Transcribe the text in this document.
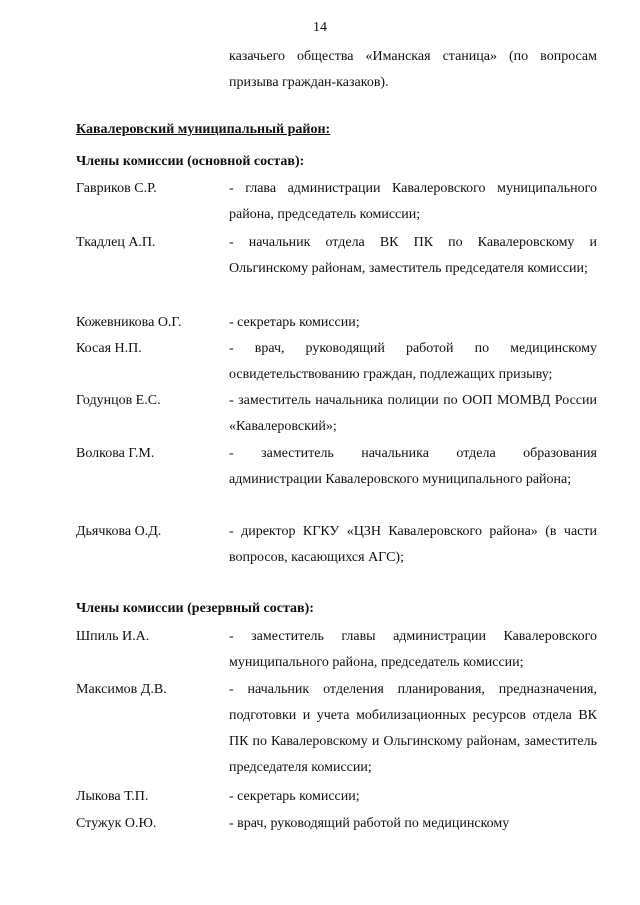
14
казачьего общества «Иманская станица» (по вопросам призыва граждан-казаков).
Кавалеровский муниципальный район:
Члены комиссии (основной состав):
Гавриков С.Р.	- глава администрации Кавалеровского муниципального района, председатель комиссии;
Ткадлец А.П.	- начальник отдела ВК ПК по Кавалеровскому и Ольгинскому районам, заместитель председателя комиссии;
Кожевникова О.Г.	- секретарь комиссии;
Косая Н.П.	- врач, руководящий работой по медицинскому освидетельствованию граждан, подлежащих призыву;
Годунцов Е.С.	- заместитель начальника полиции по ООП МОМВД России «Кавалеровский»;
Волкова Г.М.	- заместитель начальника отдела образования администрации Кавалеровского муниципального района;
Дьячкова О.Д.	- директор КГКУ «ЦЗН Кавалеровского района» (в части вопросов, касающихся АГС);
Члены комиссии (резервный состав):
Шпиль И.А.	- заместитель главы администрации Кавалеровского муниципального района, председатель комиссии;
Максимов Д.В.	- начальник отделения планирования, предназначения, подготовки и учета мобилизационных ресурсов отдела ВК ПК по Кавалеровскому и Ольгинскому районам, заместитель председателя комиссии;
Лыкова Т.П.	- секретарь комиссии;
Стужук О.Ю.	- врач, руководящий работой по медицинскому
